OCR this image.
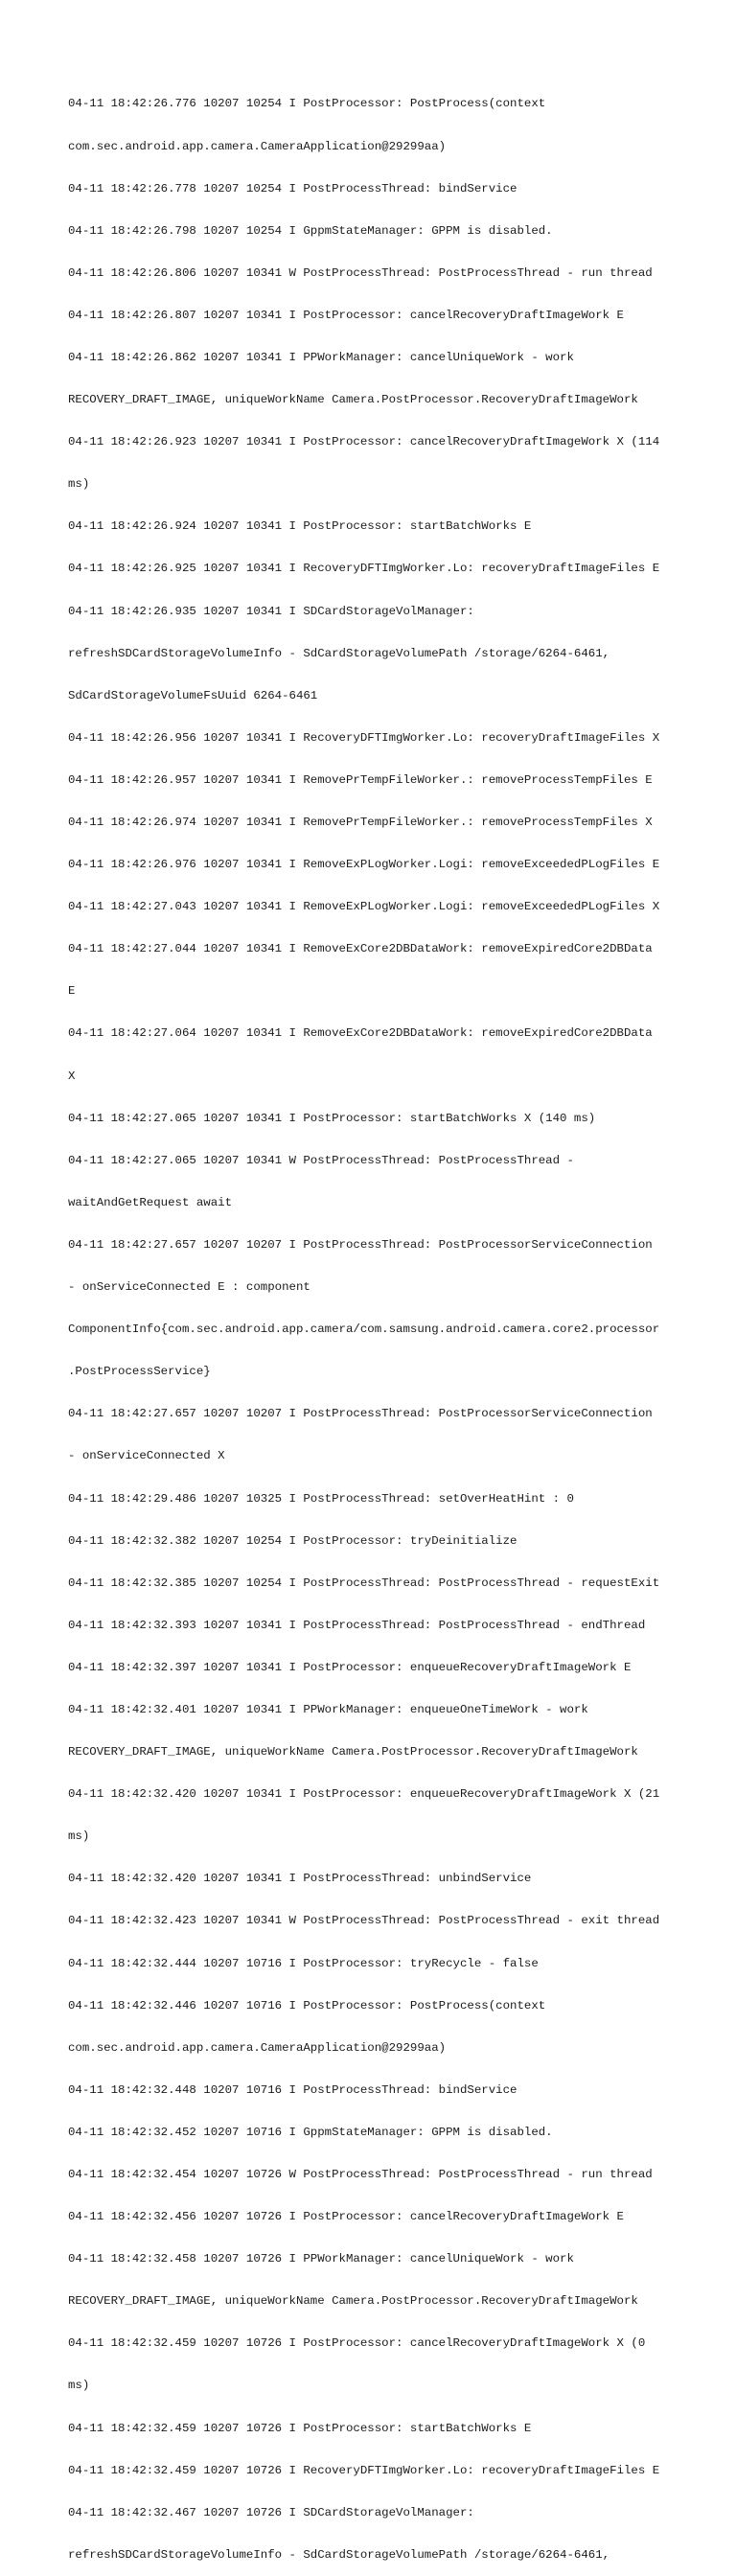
04-11 18:42:26.776 10207 10254 I PostProcessor: PostProcess(context

com.sec.android.app.camera.CameraApplication@29299aa)

04-11 18:42:26.778 10207 10254 I PostProcessThread: bindService

04-11 18:42:26.798 10207 10254 I GppmStateManager: GPPM is disabled.

04-11 18:42:26.806 10207 10341 W PostProcessThread: PostProcessThread - run thread

04-11 18:42:26.807 10207 10341 I PostProcessor: cancelRecoveryDraftImageWork E

04-11 18:42:26.862 10207 10341 I PPWorkManager: cancelUniqueWork - work

RECOVERY_DRAFT_IMAGE, uniqueWorkName Camera.PostProcessor.RecoveryDraftImageWork

04-11 18:42:26.923 10207 10341 I PostProcessor: cancelRecoveryDraftImageWork X (114

ms)

04-11 18:42:26.924 10207 10341 I PostProcessor: startBatchWorks E

04-11 18:42:26.925 10207 10341 I RecoveryDFTImgWorker.Lo: recoveryDraftImageFiles E

04-11 18:42:26.935 10207 10341 I SDCardStorageVolManager:

refreshSDCardStorageVolumeInfo - SdCardStorageVolumePath /storage/6264-6461,

SdCardStorageVolumeFsUuid 6264-6461

04-11 18:42:26.956 10207 10341 I RecoveryDFTImgWorker.Lo: recoveryDraftImageFiles X

04-11 18:42:26.957 10207 10341 I RemovePrTempFileWorker.: removeProcessTempFiles E

04-11 18:42:26.974 10207 10341 I RemovePrTempFileWorker.: removeProcessTempFiles X

04-11 18:42:26.976 10207 10341 I RemoveExPLogWorker.Logi: removeExceededPLogFiles E

04-11 18:42:27.043 10207 10341 I RemoveExPLogWorker.Logi: removeExceededPLogFiles X

04-11 18:42:27.044 10207 10341 I RemoveExCore2DBDataWork: removeExpiredCore2DBData

E

04-11 18:42:27.064 10207 10341 I RemoveExCore2DBDataWork: removeExpiredCore2DBData

X

04-11 18:42:27.065 10207 10341 I PostProcessor: startBatchWorks X (140 ms)

04-11 18:42:27.065 10207 10341 W PostProcessThread: PostProcessThread -

waitAndGetRequest await

04-11 18:42:27.657 10207 10207 I PostProcessThread: PostProcessorServiceConnection

- onServiceConnected E : component

ComponentInfo{com.sec.android.app.camera/com.samsung.android.camera.core2.processor

.PostProcessService}

04-11 18:42:27.657 10207 10207 I PostProcessThread: PostProcessorServiceConnection

- onServiceConnected X

04-11 18:42:29.486 10207 10325 I PostProcessThread: setOverHeatHint : 0

04-11 18:42:32.382 10207 10254 I PostProcessor: tryDeinitialize

04-11 18:42:32.385 10207 10254 I PostProcessThread: PostProcessThread - requestExit

04-11 18:42:32.393 10207 10341 I PostProcessThread: PostProcessThread - endThread

04-11 18:42:32.397 10207 10341 I PostProcessor: enqueueRecoveryDraftImageWork E

04-11 18:42:32.401 10207 10341 I PPWorkManager: enqueueOneTimeWork - work

RECOVERY_DRAFT_IMAGE, uniqueWorkName Camera.PostProcessor.RecoveryDraftImageWork

04-11 18:42:32.420 10207 10341 I PostProcessor: enqueueRecoveryDraftImageWork X (21

ms)

04-11 18:42:32.420 10207 10341 I PostProcessThread: unbindService

04-11 18:42:32.423 10207 10341 W PostProcessThread: PostProcessThread - exit thread

04-11 18:42:32.444 10207 10716 I PostProcessor: tryRecycle - false

04-11 18:42:32.446 10207 10716 I PostProcessor: PostProcess(context

com.sec.android.app.camera.CameraApplication@29299aa)

04-11 18:42:32.448 10207 10716 I PostProcessThread: bindService

04-11 18:42:32.452 10207 10716 I GppmStateManager: GPPM is disabled.

04-11 18:42:32.454 10207 10726 W PostProcessThread: PostProcessThread - run thread

04-11 18:42:32.456 10207 10726 I PostProcessor: cancelRecoveryDraftImageWork E

04-11 18:42:32.458 10207 10726 I PPWorkManager: cancelUniqueWork - work

RECOVERY_DRAFT_IMAGE, uniqueWorkName Camera.PostProcessor.RecoveryDraftImageWork

04-11 18:42:32.459 10207 10726 I PostProcessor: cancelRecoveryDraftImageWork X (0

ms)

04-11 18:42:32.459 10207 10726 I PostProcessor: startBatchWorks E

04-11 18:42:32.459 10207 10726 I RecoveryDFTImgWorker.Lo: recoveryDraftImageFiles E

04-11 18:42:32.467 10207 10726 I SDCardStorageVolManager:

refreshSDCardStorageVolumeInfo - SdCardStorageVolumePath /storage/6264-6461,
